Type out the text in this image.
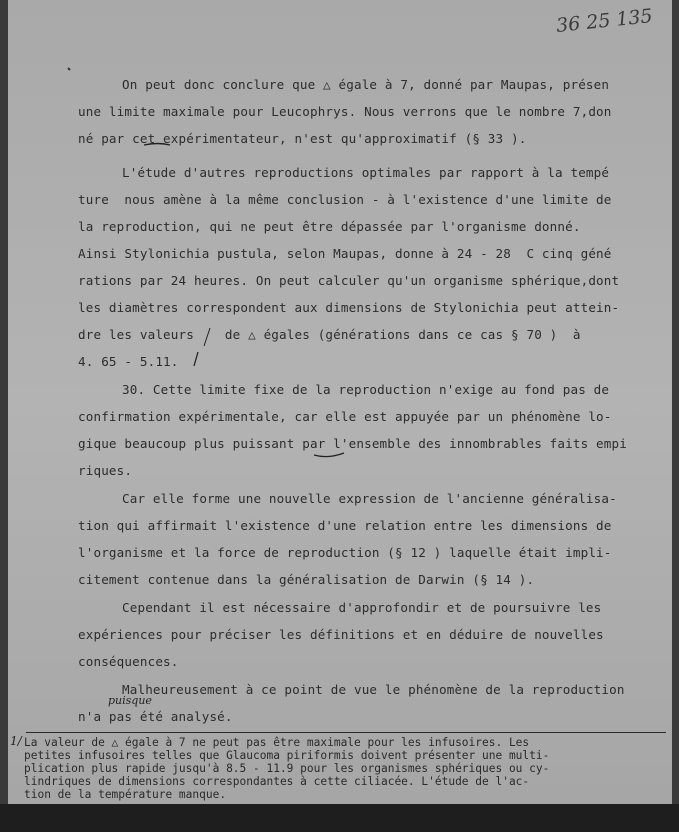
36 25 135
On peut donc conclure que △ égale à 7, donné par Maupas, présen
une limite maximale pour Leucophrys. Nous verrons que le nombre 7,don
né par cet expérimentateur, n'est qu'approximatif (§ 33 ).
L'étude d'autres reproductions optimales par rapport à la tempé
ture  nous amène à la même conclusion - à l'existence d'une limite de
la reproduction, qui ne peut être dépassée par l'organisme donné.
Ainsi Stylonichia pustula, selon Maupas, donne à 24 - 28  C cinq géné
rations par 24 heures. On peut calculer qu'un organisme sphérique,dont
les diamètres correspondent aux dimensions de Stylonichia peut attein-
dre les valeurs    de △ égales (générations dans ce cas § 70 )  à
4. 65 - 5.11.
30. Cette limite fixe de la reproduction n'exige au fond pas de
confirmation expérimentale, car elle est appuyée par un phénomène lo-
gique beaucoup plus puissant par l'ensemble des innombrables faits empi
riques.
Car elle forme une nouvelle expression de l'ancienne généralisa-
tion qui affirmait l'existence d'une relation entre les dimensions de
l'organisme et la force de reproduction (§ 12 ) laquelle était impli-
citement contenue dans la généralisation de Darwin (§ 14 ).
Cependant il est nécessaire d'approfondir et de poursuivre les
expériences pour préciser les définitions et en déduire de nouvelles
conséquences.
Malheureusement à ce point de vue le phénomène de la reproduction
n'a pas été analysé.
puisque
1/ La valeur de △ égale à 7 ne peut pas être maximale pour les infusoires. Les
petites infusoires telles que Glaucoma piriformis doivent présenter une multi-
plication plus rapide jusqu'à 8.5 - 11.9 pour les organismes sphériques ou cy-
lindriques de dimensions correspondantes à cette ciliacée. L'étude de l'ac-
tion de la température manque.
